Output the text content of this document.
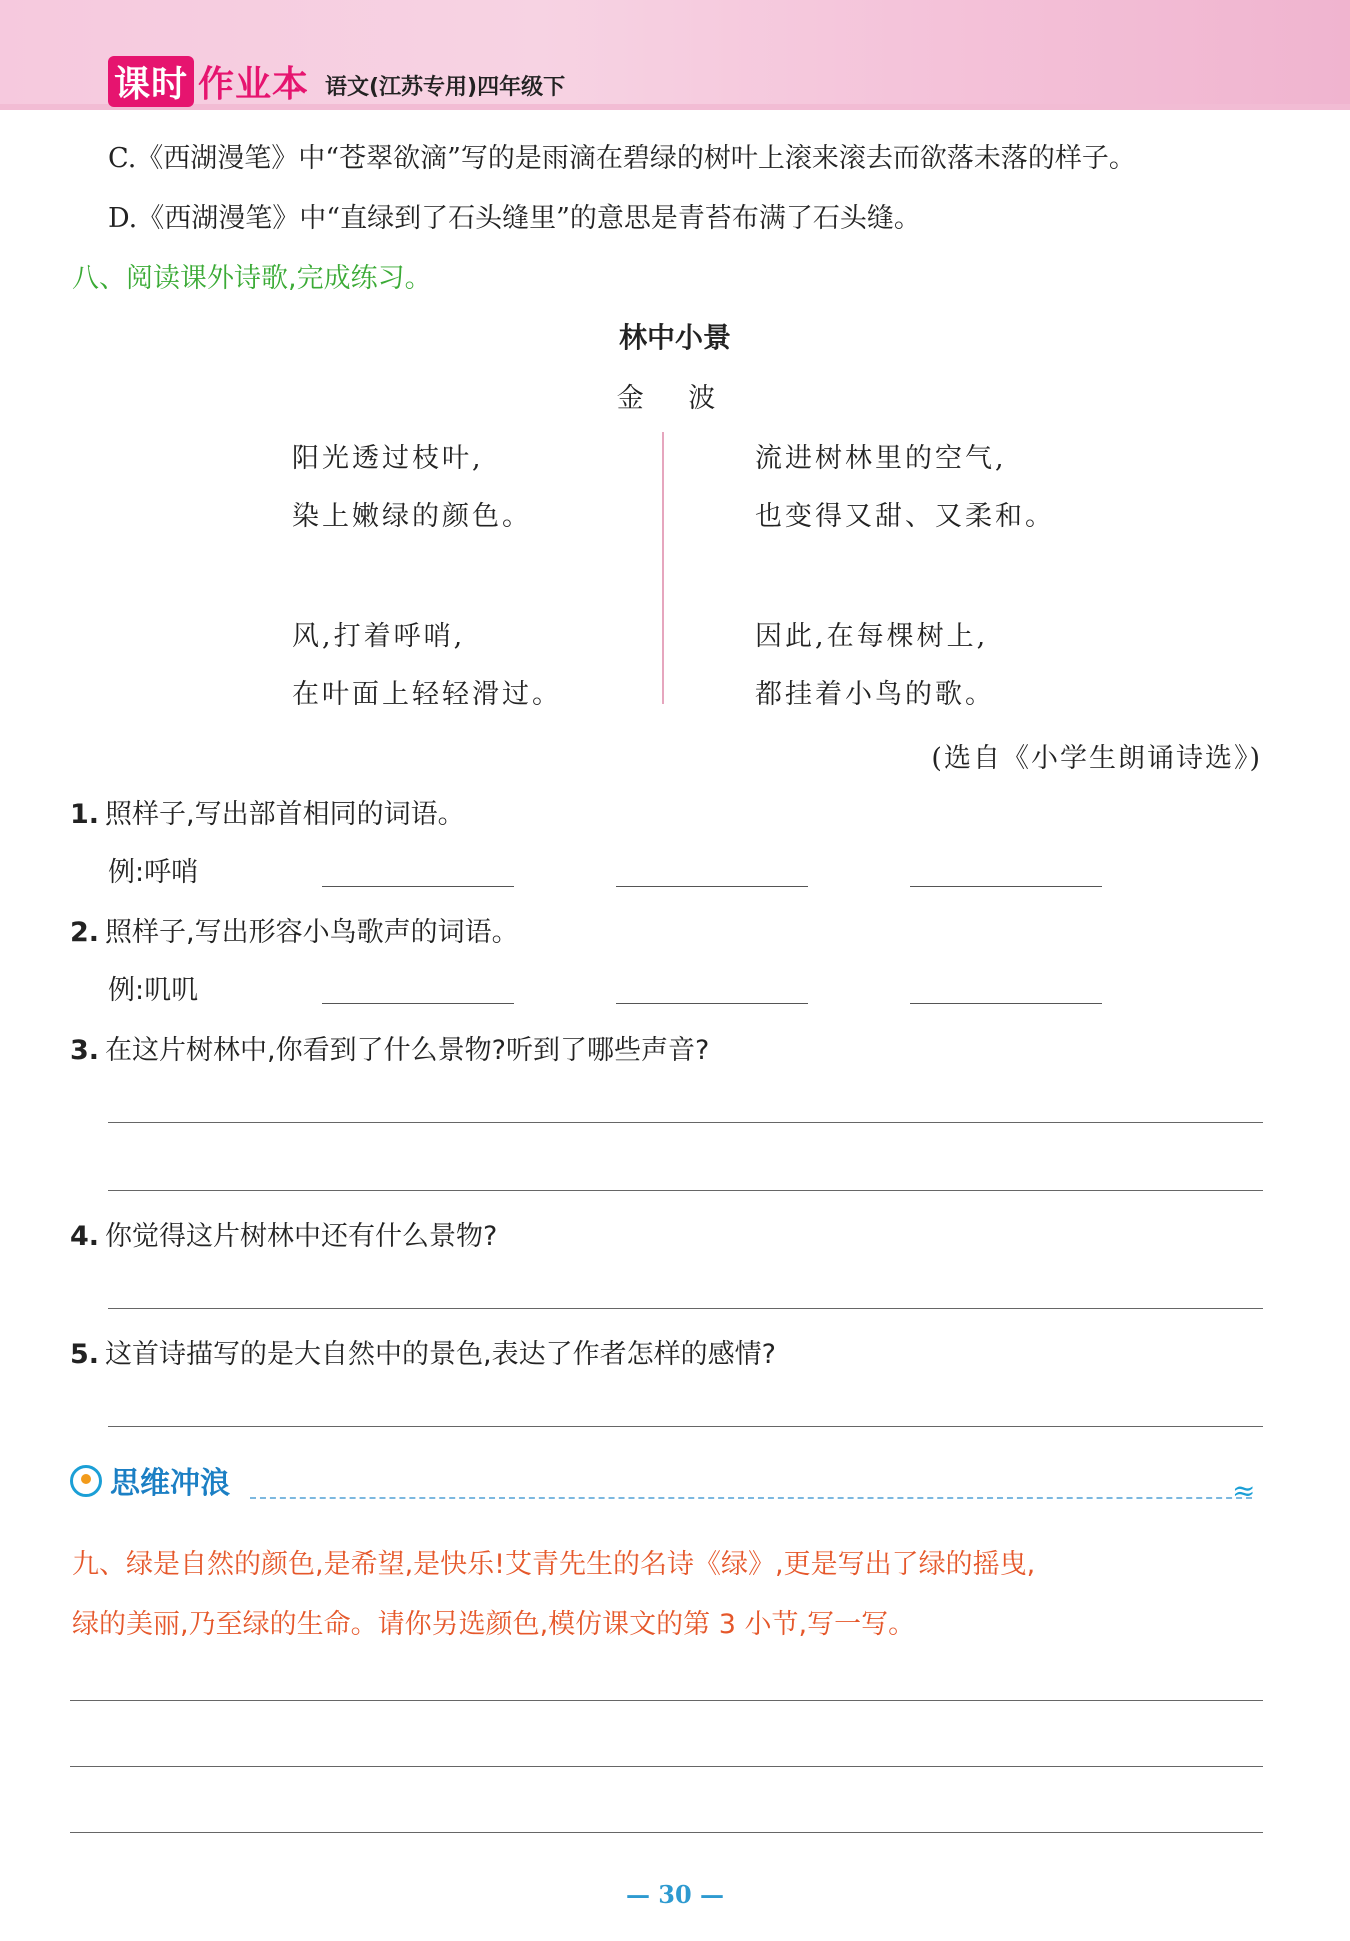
课时 作业本 语文(江苏专用)四年级下
C.《西湖漫笔》中“苍翠欲滴”写的是雨滴在碧绿的树叶上滚来滚去而欲落未落的样子。
D.《西湖漫笔》中“直绿到了石头缝里”的意思是青苔布满了石头缝。
八、阅读课外诗歌,完成练习。
林中小景
金 波
阳光透过枝叶,
染上嫩绿的颜色。
流进树林里的空气,
也变得又甜、又柔和。
风,打着呼哨,
在叶面上轻轻滑过。
因此,在每棵树上,
都挂着小鸟的歌。
(选自《小学生朗诵诗选》)
1. 照样子,写出部首相同的词语。
例:呼哨
2. 照样子,写出形容小鸟歌声的词语。
例:叽叽
3. 在这片树林中,你看到了什么景物?听到了哪些声音?
4. 你觉得这片树林中还有什么景物?
5. 这首诗描写的是大自然中的景色,表达了作者怎样的感情?
思维冲浪	≈
九、绿是自然的颜色,是希望,是快乐!艾青先生的名诗《绿》,更是写出了绿的摇曳,
绿的美丽,乃至绿的生命。请你另选颜色,模仿课文的第 3 小节,写一写。
— 30 —
